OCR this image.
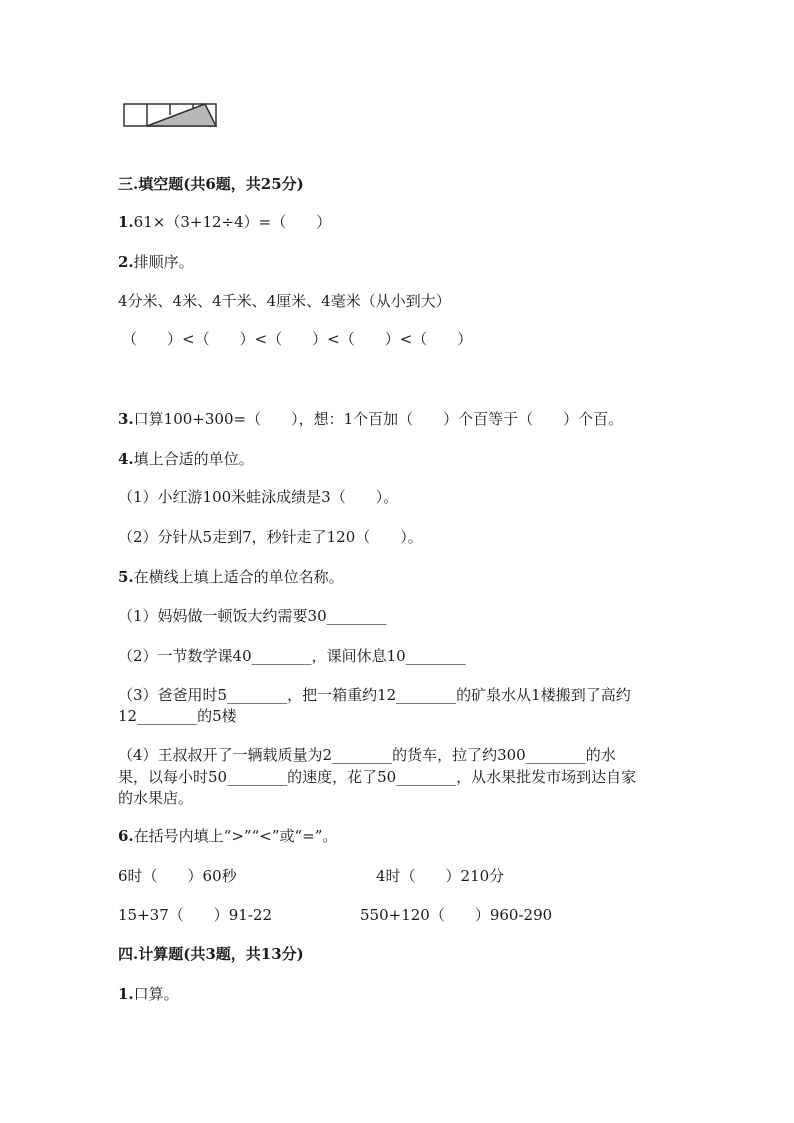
三.填空题(共6题，共25分)
1.61×（3+12÷4）=（　　）
2.排顺序。
4分米、4米、4千米、4厘米、4毫米（从小到大）
（　　）<（　　）<（　　）<（　　）<（　　）
3.口算100+300=（　　），想：1个百加（　　）个百等于（　　）个百。
4.填上合适的单位。
（1）小红游100米蛙泳成绩是3（　　）。
（2）分针从5走到7，秒针走了120（　　）。
5.在横线上填上适合的单位名称。
（1）妈妈做一顿饭大约需要30________
（2）一节数学课40________，课间休息10________
（3）爸爸用时5________，把一箱重约12________的矿泉水从1楼搬到了高约
12________的5楼
（4）王叔叔开了一辆载质量为2________的货车，拉了约300________的水
果，以每小时50________的速度，花了50________，从水果批发市场到达自家
的水果店。
6.在括号内填上“>”“<”或“=”。
6时（　　）60秒	4时（　　）210分
15+37（　　）91-22	550+120（　　）960-290
四.计算题(共3题，共13分)
1.口算。
